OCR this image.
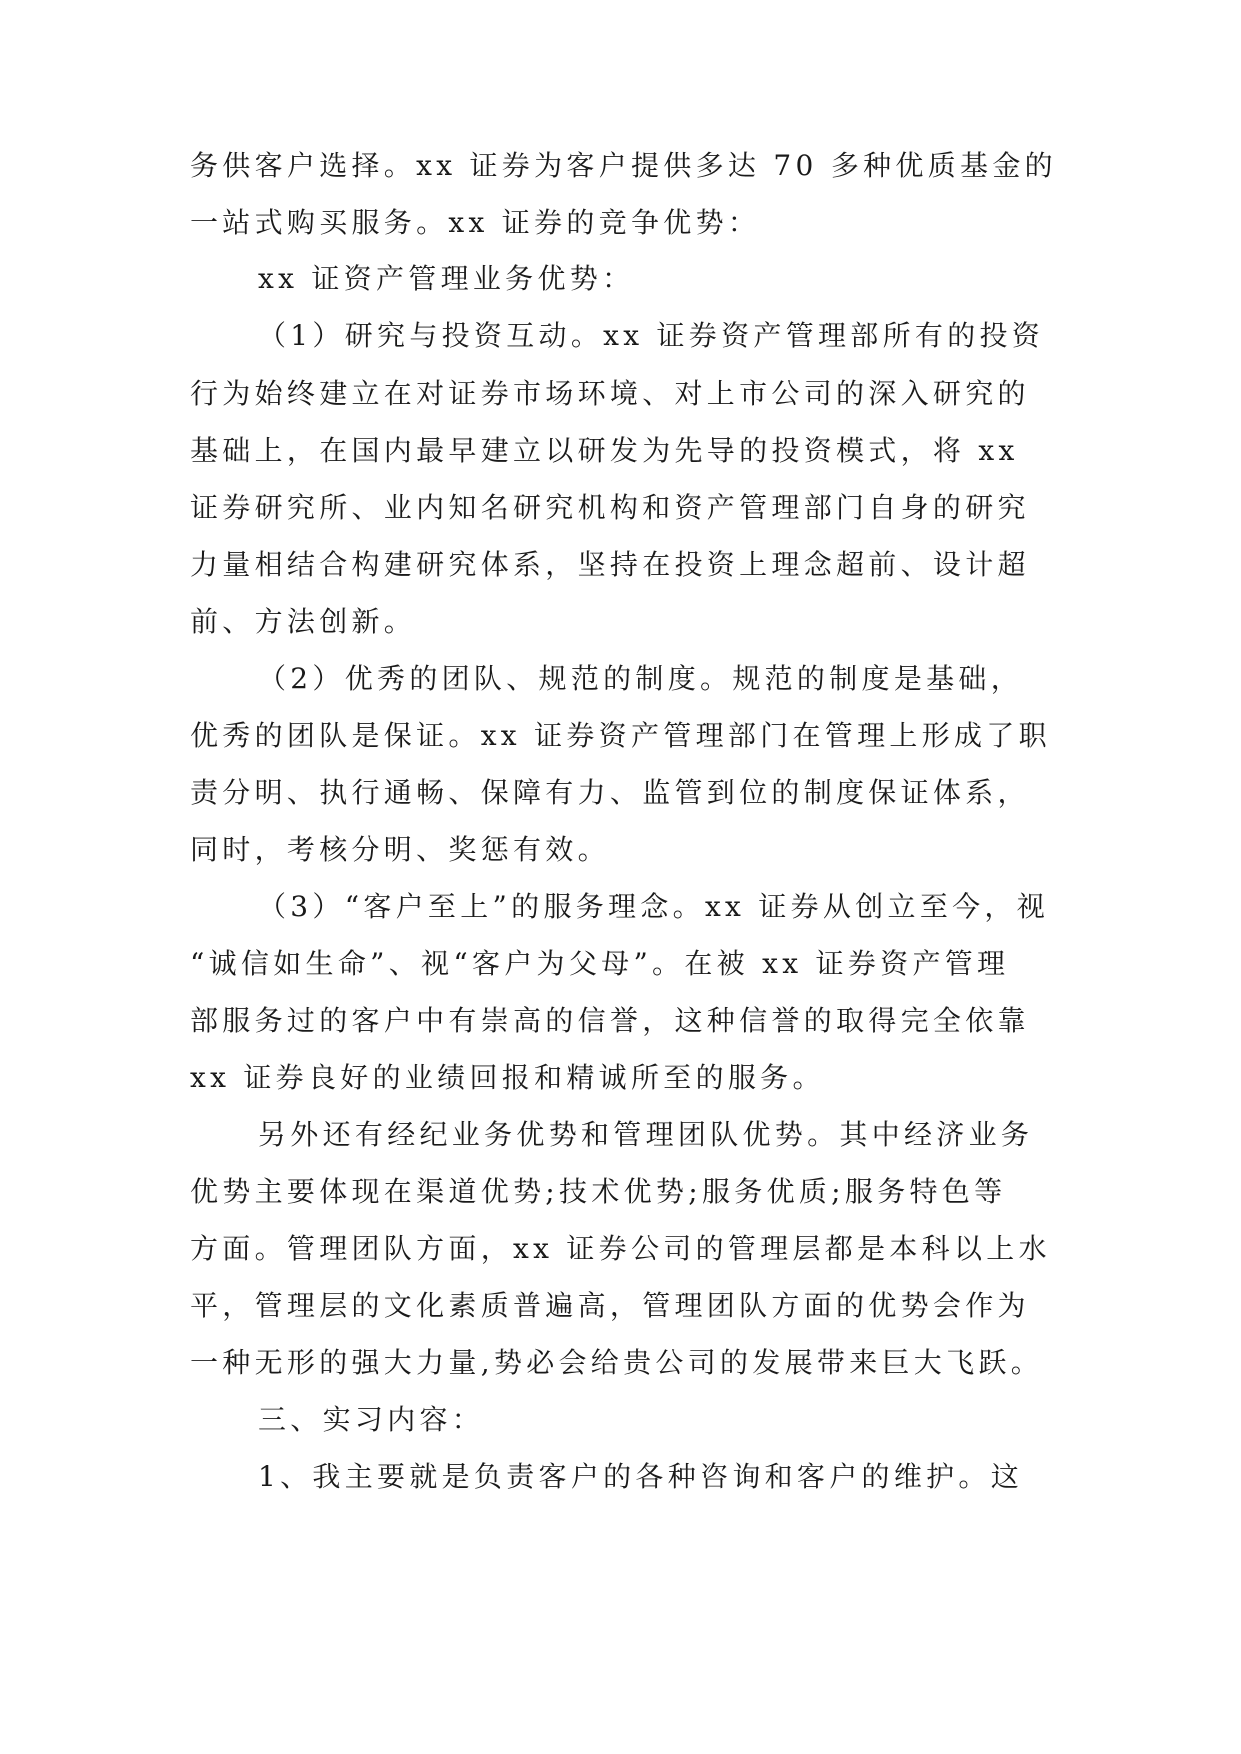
务供客户选择。xx 证券为客户提供多达 70 多种优质基金的
一站式购买服务。xx 证券的竞争优势：
xx 证资产管理业务优势：
（1）研究与投资互动。xx 证券资产管理部所有的投资
行为始终建立在对证券市场环境、对上市公司的深入研究的
基础上，在国内最早建立以研发为先导的投资模式，将 xx
证券研究所、业内知名研究机构和资产管理部门自身的研究
力量相结合构建研究体系，坚持在投资上理念超前、设计超
前、方法创新。
（2）优秀的团队、规范的制度。规范的制度是基础，
优秀的团队是保证。xx 证券资产管理部门在管理上形成了职
责分明、执行通畅、保障有力、监管到位的制度保证体系，
同时，考核分明、奖惩有效。
（3）“客户至上”的服务理念。xx 证券从创立至今，视
“诚信如生命”、视“客户为父母”。在被 xx 证券资产管理
部服务过的客户中有崇高的信誉，这种信誉的取得完全依靠
xx 证券良好的业绩回报和精诚所至的服务。
另外还有经纪业务优势和管理团队优势。其中经济业务
优势主要体现在渠道优势;技术优势;服务优质;服务特色等
方面。管理团队方面，xx 证券公司的管理层都是本科以上水
平，管理层的文化素质普遍高，管理团队方面的优势会作为
一种无形的强大力量,势必会给贵公司的发展带来巨大飞跃。
三、实习内容：
1、我主要就是负责客户的各种咨询和客户的维护。这
